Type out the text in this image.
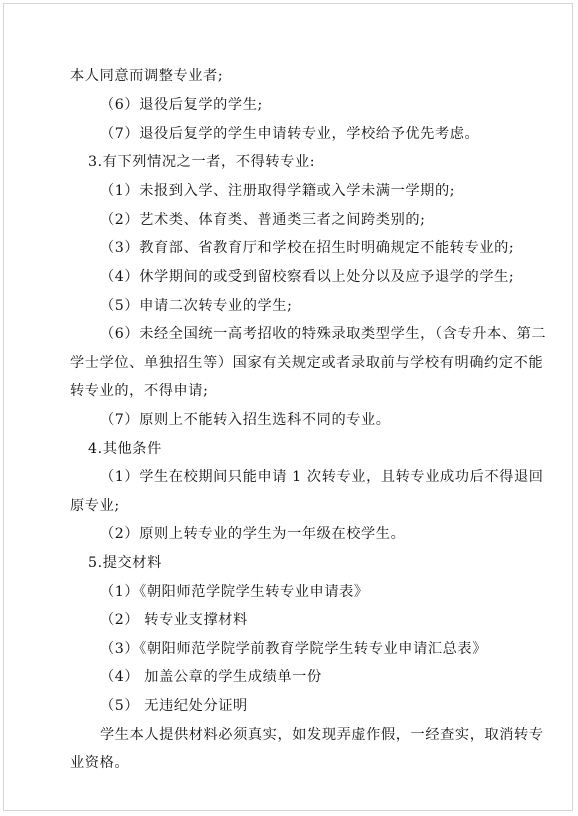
本人同意而调整专业者;
（6）退役后复学的学生;
（7）退役后复学的学生申请转专业，学校给予优先考虑。
3.有下列情况之一者，不得转专业:
（1）未报到入学、注册取得学籍或入学未满一学期的;
（2）艺术类、体育类、普通类三者之间跨类别的;
（3）教育部、省教育厅和学校在招生时明确规定不能转专业的;
（4）休学期间的或受到留校察看以上处分以及应予退学的学生;
（5）申请二次转专业的学生;
（6）未经全国统一高考招收的特殊录取类型学生，（含专升本、第二
学士学位、单独招生等）国家有关规定或者录取前与学校有明确约定不能
转专业的，不得申请;
（7）原则上不能转入招生选科不同的专业。
4.其他条件
（1）学生在校期间只能申请 1 次转专业，且转专业成功后不得退回
原专业;
（2）原则上转专业的学生为一年级在校学生。
5.提交材料
（1）《朝阳师范学院学生转专业申请表》
（2） 转专业支撑材料
（3）《朝阳师范学院学前教育学院学生转专业申请汇总表》
（4） 加盖公章的学生成绩单一份
（5） 无违纪处分证明
学生本人提供材料必须真实，如发现弄虚作假，一经查实，取消转专
业资格。
